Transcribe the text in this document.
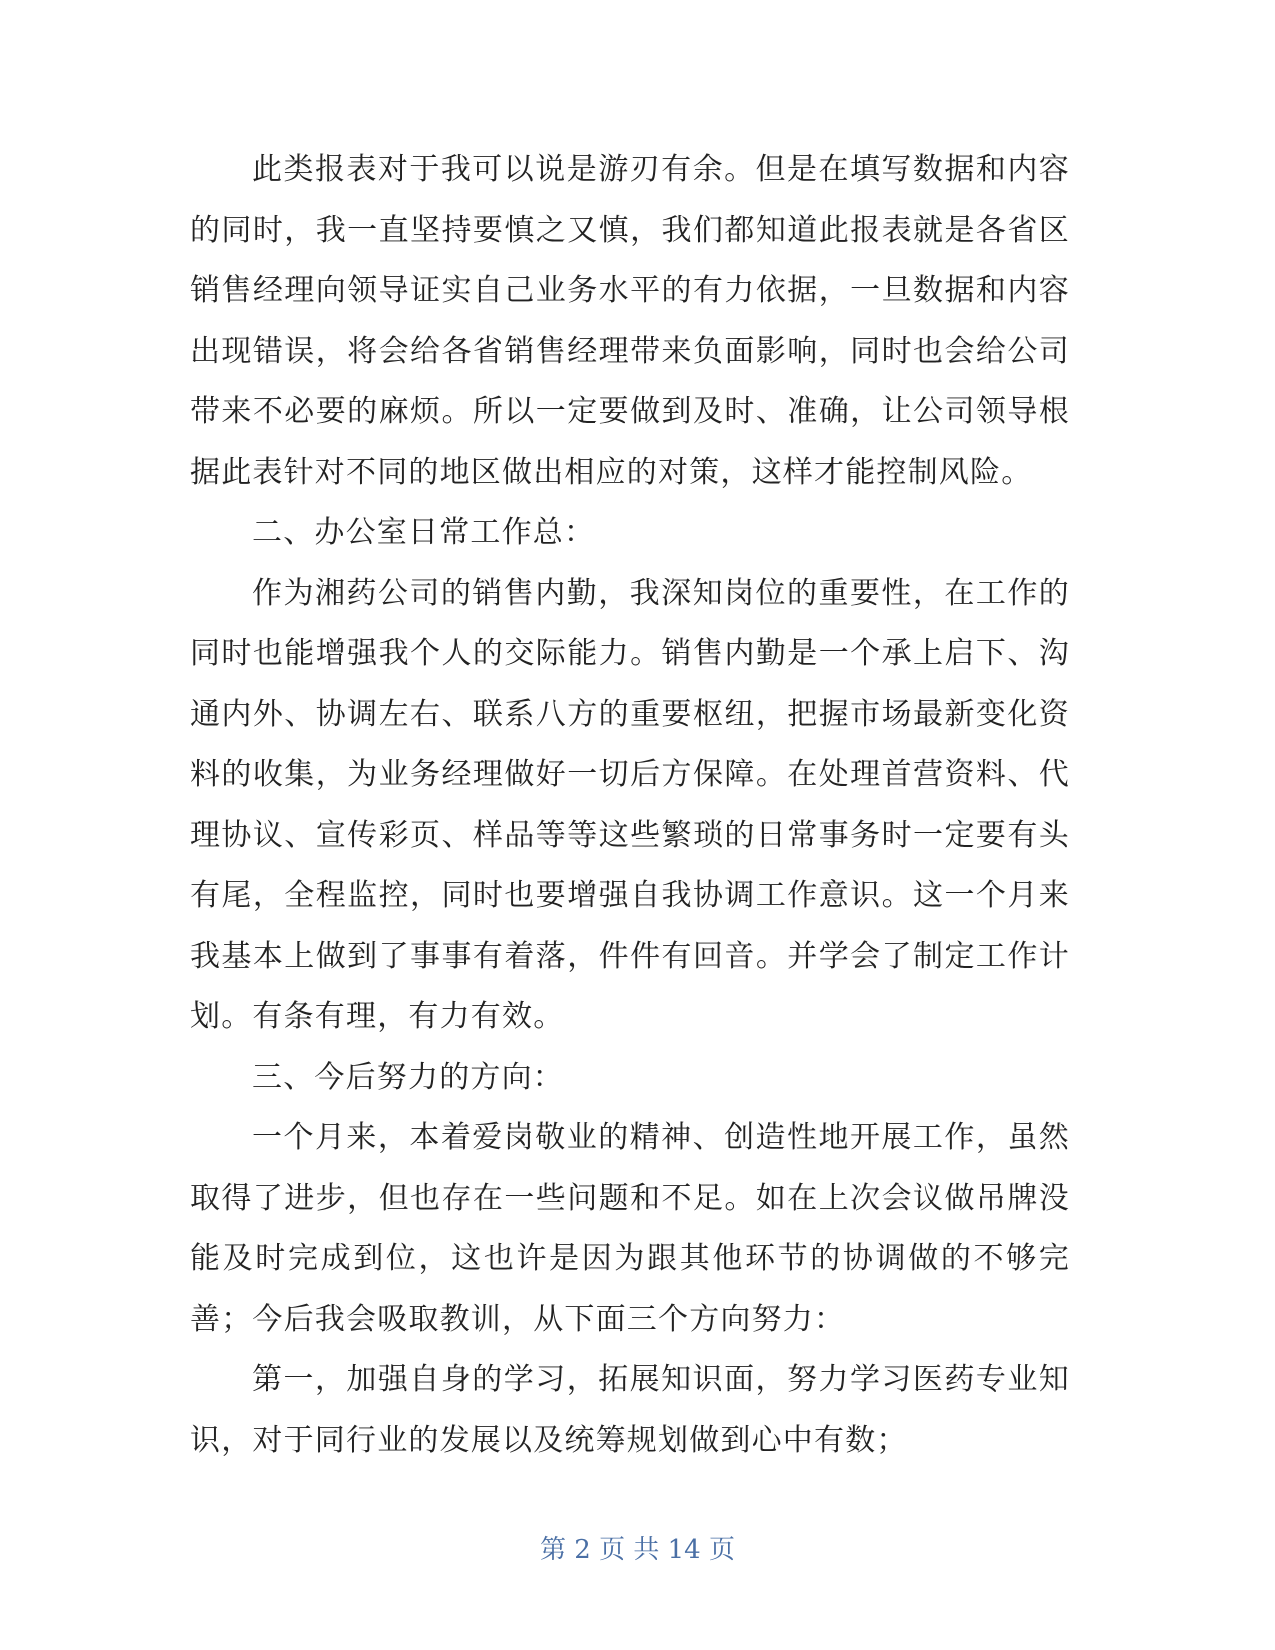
此类报表对于我可以说是游刃有余。但是在填写数据和内容的同时，我一直坚持要慎之又慎，我们都知道此报表就是各省区销售经理向领导证实自己业务水平的有力依据，一旦数据和内容出现错误，将会给各省销售经理带来负面影响，同时也会给公司带来不必要的麻烦。所以一定要做到及时、准确，让公司领导根据此表针对不同的地区做出相应的对策，这样才能控制风险。

二、办公室日常工作总：

作为湘药公司的销售内勤，我深知岗位的重要性，在工作的同时也能增强我个人的交际能力。销售内勤是一个承上启下、沟通内外、协调左右、联系八方的重要枢纽，把握市场最新变化资料的收集，为业务经理做好一切后方保障。在处理首营资料、代理协议、宣传彩页、样品等等这些繁琐的日常事务时一定要有头有尾，全程监控，同时也要增强自我协调工作意识。这一个月来我基本上做到了事事有着落，件件有回音。并学会了制定工作计划。有条有理，有力有效。

三、今后努力的方向：

一个月来，本着爱岗敬业的精神、创造性地开展工作，虽然取得了进步，但也存在一些问题和不足。如在上次会议做吊牌没能及时完成到位，这也许是因为跟其他环节的协调做的不够完善；今后我会吸取教训，从下面三个方向努力：

第一，加强自身的学习，拓展知识面，努力学习医药专业知识，对于同行业的发展以及统筹规划做到心中有数；

第 2 页 共 14 页
